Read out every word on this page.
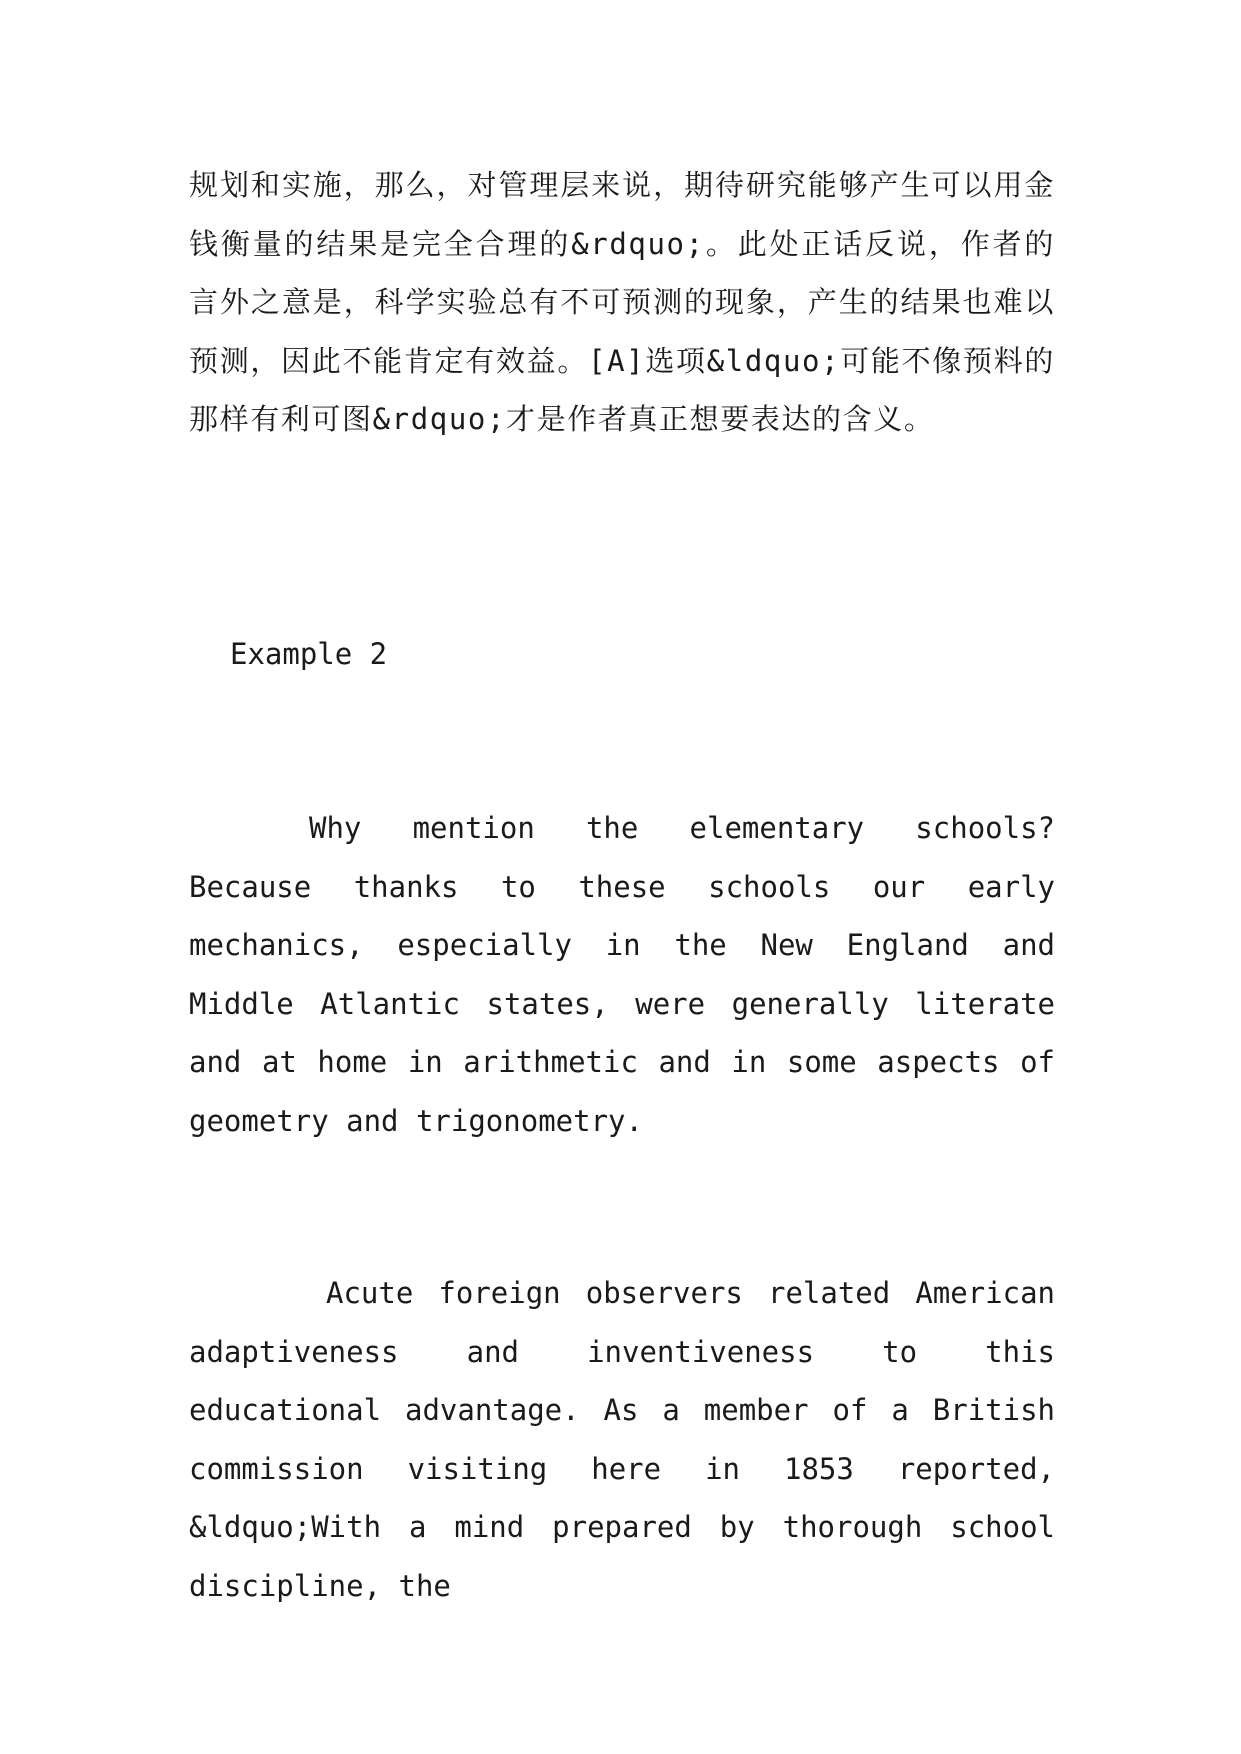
规划和实施，那么，对管理层来说，期待研究能够产生可以用金钱衡量的结果是完全合理的&rdquo;。此处正话反说，作者的言外之意是，科学实验总有不可预测的现象，产生的结果也难以预测，因此不能肯定有效益。[A]选项&ldquo;可能不像预料的那样有利可图&rdquo;才是作者真正想要表达的含义。

Example 2

Why mention the elementary schools? Because thanks to these schools our early mechanics, especially in the New England and Middle Atlantic states, were generally literate and at home in arithmetic and in some aspects of geometry and trigonometry.

Acute foreign observers related American adaptiveness and inventiveness to this educational advantage. As a member of a British commission visiting here in 1853 reported, &ldquo;With a mind prepared by thorough school discipline, the
